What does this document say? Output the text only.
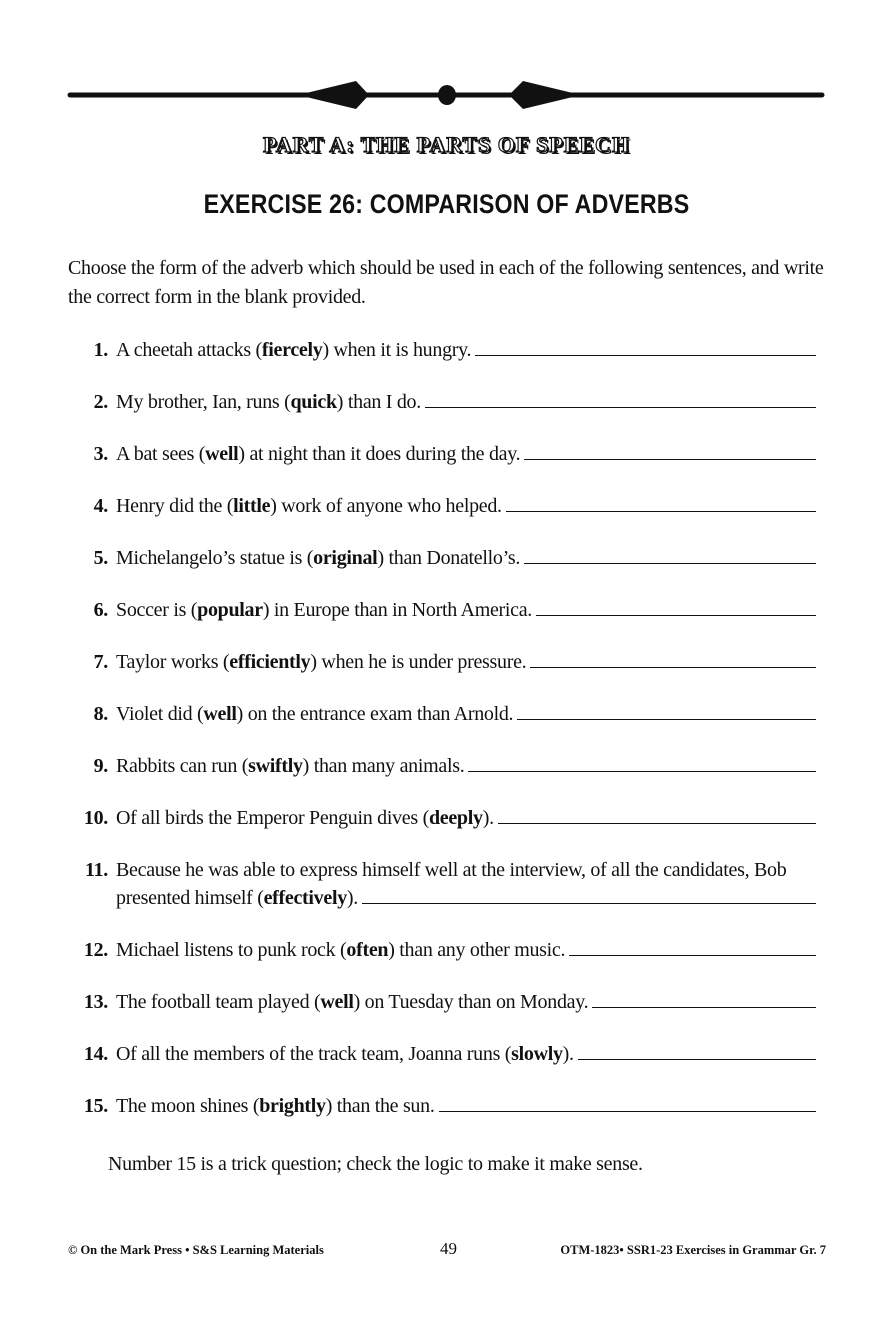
PART A: THE PARTS OF SPEECH
EXERCISE 26: COMPARISON OF ADVERBS
Choose the form of the adverb which should be used in each of the following sentences, and write the correct form in the blank provided.
1. A cheetah attacks (fiercely) when it is hungry.
2. My brother, Ian, runs (quick) than I do.
3. A bat sees (well) at night than it does during the day.
4. Henry did the (little) work of anyone who helped.
5. Michelangelo’s statue is (original) than Donatello’s.
6. Soccer is (popular) in Europe than in North America.
7. Taylor works (efficiently) when he is under pressure.
8. Violet did (well) on the entrance exam than Arnold.
9. Rabbits can run (swiftly) than many animals.
10. Of all birds the Emperor Penguin dives (deeply).
11. Because he was able to express himself well at the interview, of all the candidates, Bob
presented himself (effectively).
12. Michael listens to punk rock (often) than any other music.
13. The football team played (well) on Tuesday than on Monday.
14. Of all the members of the track team, Joanna runs (slowly).
15. The moon shines (brightly) than the sun.
Number 15 is a trick question; check the logic to make it make sense.
© On the Mark Press • S&S Learning Materials	49	OTM-1823• SSR1-23 Exercises in Grammar Gr. 7
